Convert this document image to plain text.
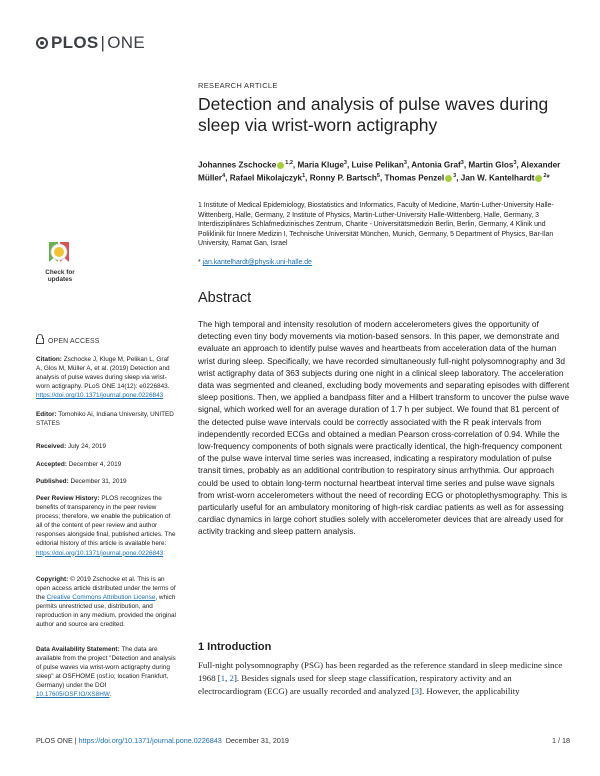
PLOS | ONE
RESEARCH ARTICLE
Detection and analysis of pulse waves during sleep via wrist-worn actigraphy
Johannes Zschocke $^{1,2}$, Maria Kluge$^3$, Luise Pelikan$^3$, Antonia Graf$^3$, Martin Glos$^3$, Alexander Müller$^4$, Rafael Mikolajczyk$^1$, Ronny P. Bartsch$^5$, Thomas Penzel $^3$, Jan W. Kantelhardt $^2$*
1 Institute of Medical Epidemiology, Biostatistics and Informatics, Faculty of Medicine, Martin-Luther-University Halle-Wittenberg, Halle, Germany, 2 Institute of Physics, Martin-Luther-University Halle-Wittenberg, Halle, Germany, 3 Interdisziplinäres Schlafmedizinisches Zentrum, Charite - Universitätsmedizin Berlin, Berlin, Germany, 4 Klinik und Poliklinik für Innere Medizin I, Technische Universität München, Munich, Germany, 5 Department of Physics, Bar-Ilan University, Ramat Gan, Israel
* jan.kantelhardt@physik.uni-halle.de
Abstract
The high temporal and intensity resolution of modern accelerometers gives the opportunity of detecting even tiny body movements via motion-based sensors. In this paper, we demonstrate and evaluate an approach to identify pulse waves and heartbeats from acceleration data of the human wrist during sleep. Specifically, we have recorded simultaneously full-night polysomnography and 3d wrist actigraphy data of 363 subjects during one night in a clinical sleep laboratory. The acceleration data was segmented and cleaned, excluding body movements and separating episodes with different sleep positions. Then, we applied a bandpass filter and a Hilbert transform to uncover the pulse wave signal, which worked well for an average duration of 1.7 h per subject. We found that 81 percent of the detected pulse wave intervals could be correctly associated with the R peak intervals from independently recorded ECGs and obtained a median Pearson cross-correlation of 0.94. While the low-frequency components of both signals were practically identical, the high-frequency component of the pulse wave interval time series was increased, indicating a respiratory modulation of pulse transit times, probably as an additional contribution to respiratory sinus arrhythmia. Our approach could be used to obtain long-term nocturnal heartbeat interval time series and pulse wave signals from wrist-worn accelerometers without the need of recording ECG or photoplethysmography. This is particularly useful for an ambulatory monitoring of high-risk cardiac patients as well as for assessing cardiac dynamics in large cohort studies solely with accelerometer devices that are already used for activity tracking and sleep pattern analysis.
1 Introduction
Full-night polysomnography (PSG) has been regarded as the reference standard in sleep medicine since 1968 [1, 2]. Besides signals used for sleep stage classification, respiratory activity and an electrocardiogram (ECG) are usually recorded and analyzed [3]. However, the applicability
Check for
updates
OPEN ACCESS
Citation: Zschocke J, Kluge M, Pelikan L, Graf A, Glos M, Müller A, et al. (2019) Detection and analysis of pulse waves during sleep via wrist-worn actigraphy. PLoS ONE 14(12): e0226843. https://doi.org/10.1371/journal.pone.0226843
Editor: Tomohiko Ai, Indiana University, UNITED STATES
Received: July 24, 2019
Accepted: December 4, 2019
Published: December 31, 2019
Peer Review History: PLOS recognizes the benefits of transparency in the peer review process; therefore, we enable the publication of all of the content of peer review and author responses alongside final, published articles. The editorial history of this article is available here: https://doi.org/10.1371/journal.pone.0226843
Copyright: © 2019 Zschocke et al. This is an open access article distributed under the terms of the Creative Commons Attribution License, which permits unrestricted use, distribution, and reproduction in any medium, provided the original author and source are credited.
Data Availability Statement: The data are available from the project "Detection and analysis of pulse waves via wrist-worn actigraphy during sleep" at OSFHOME (osf.io; location Frankfurt, Germany) under the DOI 10.17605/OSF.IO/XS8HW.
PLOS ONE | https://doi.org/10.1371/journal.pone.0226843 December 31, 2019	1 / 18
